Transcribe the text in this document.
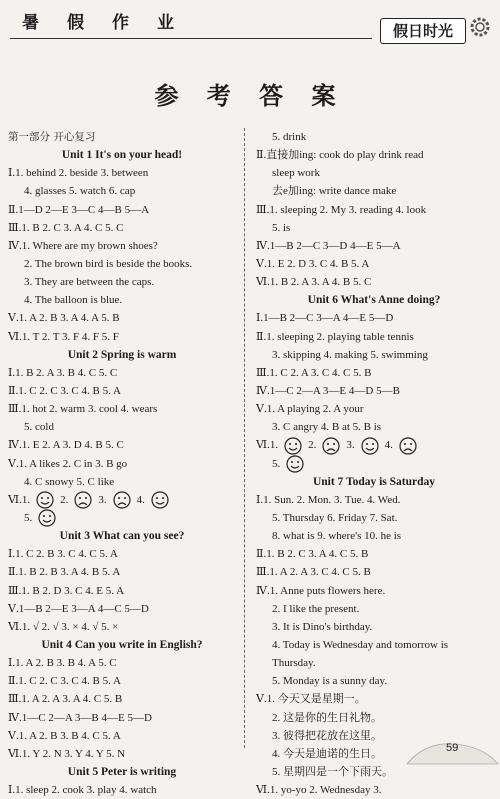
暑 假 作 业	假日时光
参 考 答 案
第一部分 开心复习
Unit 1 It's on your head!
Ⅰ.1. behind 2. beside 3. between
4. glasses 5. watch 6. cap
Ⅱ.1—D 2—E 3—C 4—B 5—A
Ⅲ.1. B 2. C 3. A 4. C 5. C
Ⅳ.1. Where are my brown shoes?
2. The brown bird is beside the books.
3. They are between the caps.
4. The balloon is blue.
Ⅴ.1. A 2. B 3. A 4. A 5. B
Ⅵ.1. T 2. T 3. F 4. F 5. F
Unit 2 Spring is warm
Ⅰ.1. B 2. A 3. B 4. C 5. C
Ⅱ.1. C 2. C 3. C 4. B 5. A
Ⅲ.1. hot 2. warm 3. cool 4. wears
5. cold
Ⅳ.1. E 2. A 3. D 4. B 5. C
Ⅴ.1. A likes 2. C in 3. B go
4. C snowy 5. C like
Ⅵ.1.	2.	3.	4.
5.
Unit 3 What can you see?
Ⅰ.1. C 2. B 3. C 4. C 5. A
Ⅱ.1. B 2. B 3. A 4. B 5. A
Ⅲ.1. B 2. D 3. C 4. E 5. A
Ⅴ.1—B 2—E 3—A 4—C 5—D
Ⅵ.1. √ 2. √ 3. × 4. √ 5. ×
Unit 4 Can you write in English?
Ⅰ.1. A 2. B 3. B 4. A 5. C
Ⅱ.1. C 2. C 3. C 4. B 5. A
Ⅲ.1. A 2. A 3. A 4. C 5. B
Ⅳ.1—C 2—A 3—B 4—E 5—D
Ⅴ.1. A 2. B 3. B 4. C 5. A
Ⅵ.1. Y 2. N 3. Y 4. Y 5. N
Unit 5 Peter is writing
Ⅰ.1. sleep 2. cook 3. play 4. watch
5. drink
Ⅱ.直接加ing: cook do play drink read
sleep work
去e加ing: write dance make
Ⅲ.1. sleeping 2. My 3. reading 4. look
5. is
Ⅳ.1—B 2—C 3—D 4—E 5—A
Ⅴ.1. E 2. D 3. C 4. B 5. A
Ⅵ.1. B 2. A 3. A 4. B 5. C
Unit 6 What's Anne doing?
Ⅰ.1—B 2—C 3—A 4—E 5—D
Ⅱ.1. sleeping 2. playing table tennis
3. skipping 4. making 5. swimming
Ⅲ.1. C 2. A 3. C 4. C 5. B
Ⅳ.1—C 2—A 3—E 4—D 5—B
Ⅴ.1. A playing 2. A your
3. C angry 4. B at 5. B is
Ⅵ.1.	2.	3.	4.
5.
Unit 7 Today is Saturday
Ⅰ.1. Sun. 2. Mon. 3. Tue. 4. Wed.
5. Thursday 6. Friday 7. Sat.
8. what is 9. where's 10. he is
Ⅱ.1. B 2. C 3. A 4. C 5. B
Ⅲ.1. A 2. A 3. C 4. C 5. B
Ⅳ.1. Anne puts flowers here.
2. I like the present.
3. It is Dino's birthday.
4. Today is Wednesday and tomorrow is
Thursday.
5. Monday is a sunny day.
Ⅴ.1. 今天又是星期一。
2. 这是你的生日礼物。
3. 彼得把花放在这里。
4. 今天是迪诺的生日。
5. 星期四是一个下雨天。
Ⅵ.1. yo-yo 2. Wednesday 3.
59
